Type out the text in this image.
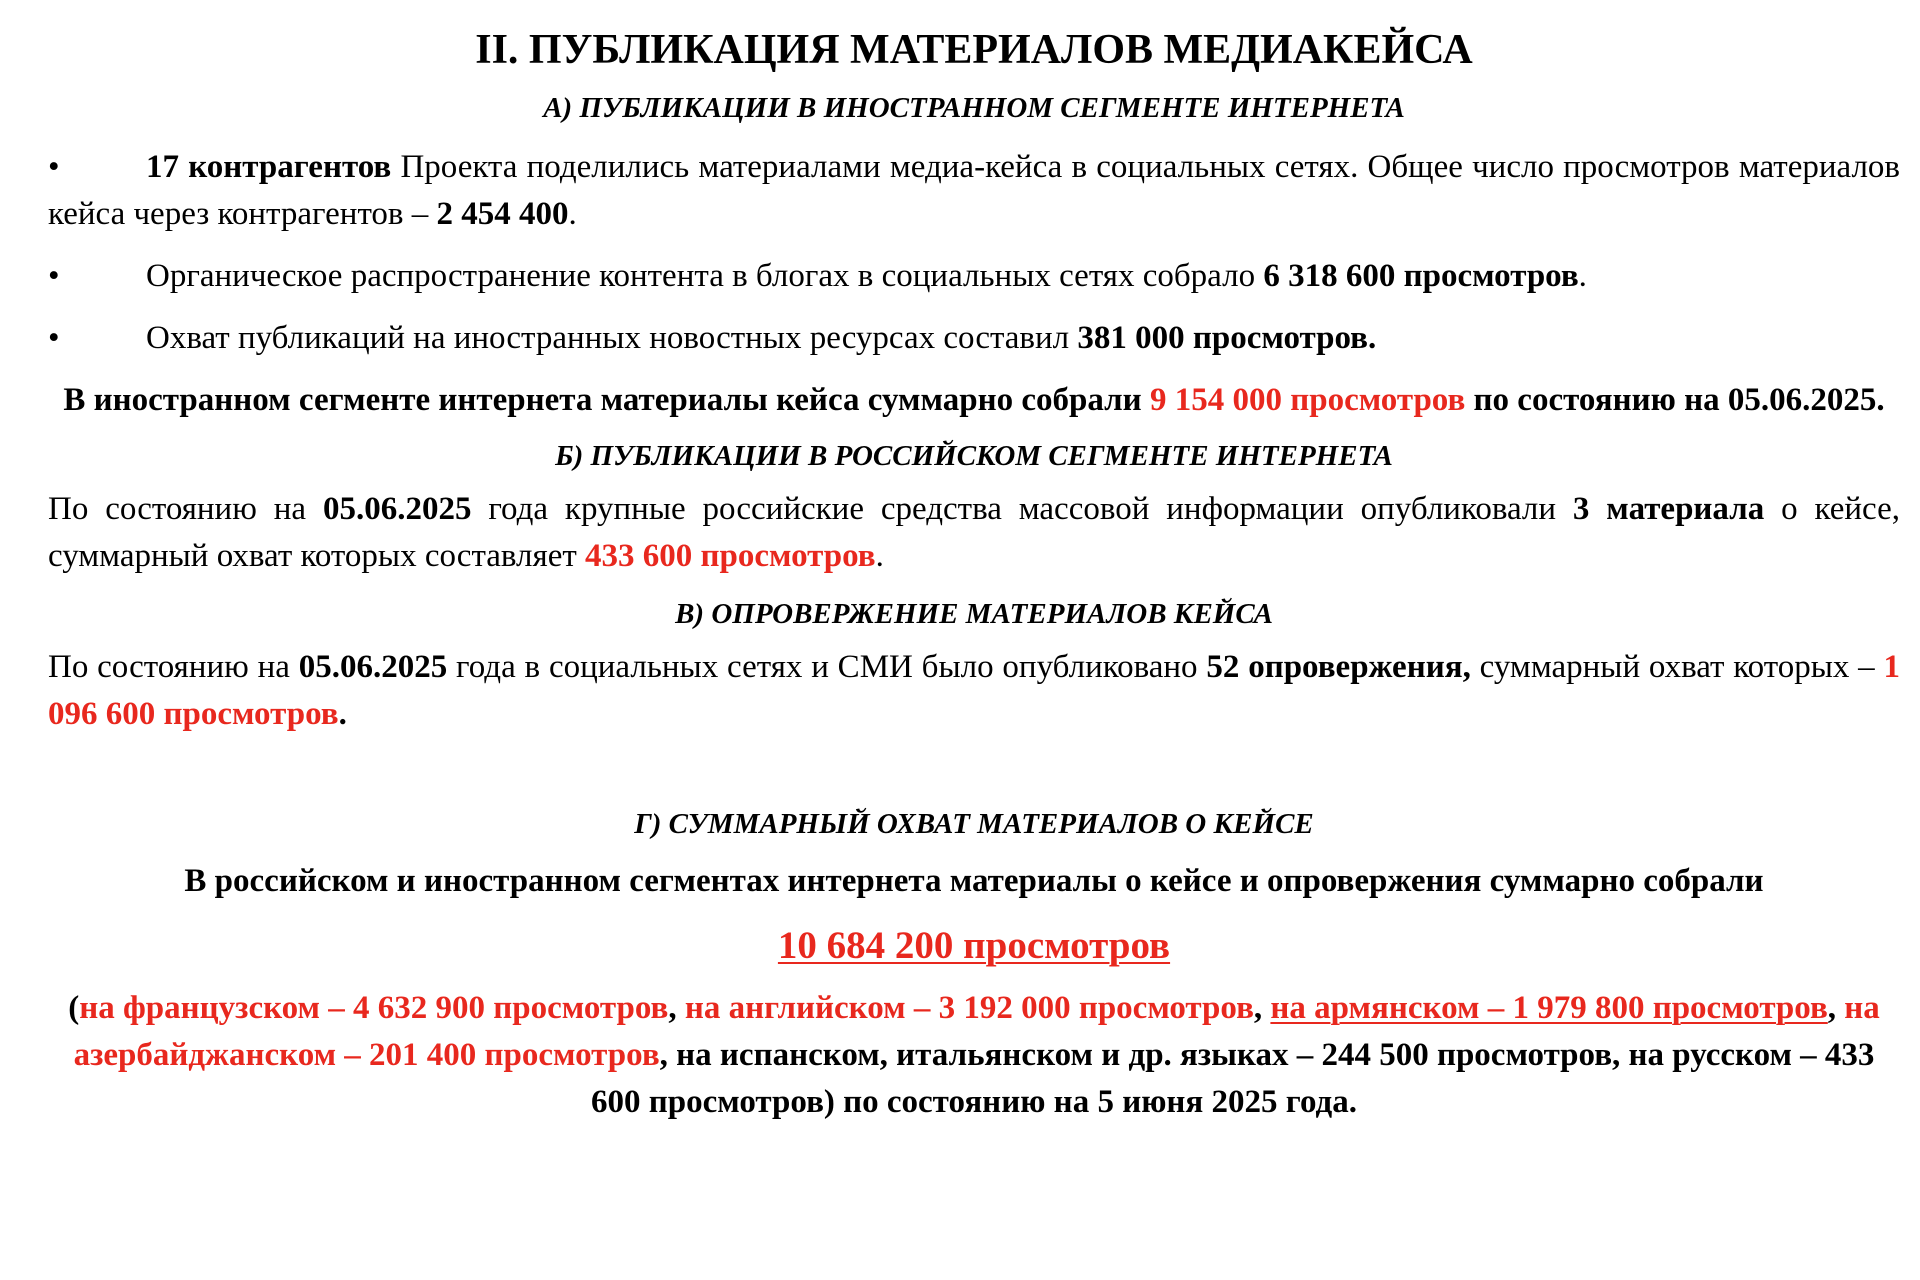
II. ПУБЛИКАЦИЯ МАТЕРИАЛОВ МЕДИАКЕЙСА
А) ПУБЛИКАЦИИ В ИНОСТРАННОМ СЕГМЕНТЕ ИНТЕРНЕТА

•	17 контрагентов Проекта поделились материалами медиа-кейса в социальных сетях. Общее число просмотров материалов кейса через контрагентов – 2 454 400.

•	Органическое распространение контента в блогах в социальных сетях собрало 6 318 600 просмотров.

•	Охват публикаций на иностранных новостных ресурсах составил 381 000 просмотров.

В иностранном сегменте интернета материалы кейса суммарно собрали 9 154 000 просмотров по состоянию на 05.06.2025.

Б) ПУБЛИКАЦИИ В РОССИЙСКОМ СЕГМЕНТЕ ИНТЕРНЕТА

По состоянию на 05.06.2025 года крупные российские средства массовой информации опубликовали 3 материала о кейсе, суммарный охват которых составляет 433 600 просмотров.

В) ОПРОВЕРЖЕНИЕ МАТЕРИАЛОВ КЕЙСА

По состоянию на 05.06.2025 года в социальных сетях и СМИ было опубликовано 52 опровержения, суммарный охват которых – 1 096 600 просмотров.

Г) СУММАРНЫЙ ОХВАТ МАТЕРИАЛОВ О КЕЙСЕ

В российском и иностранном сегментах интернета материалы о кейсе и опровержения суммарно собрали

10 684 200 просмотров

(на французском – 4 632 900 просмотров, на английском – 3 192 000 просмотров, на армянском – 1 979 800 просмотров, на азербайджанском – 201 400 просмотров, на испанском, итальянском и др. языках – 244 500 просмотров, на русском – 433 600 просмотров) по состоянию на 5 июня 2025 года.
